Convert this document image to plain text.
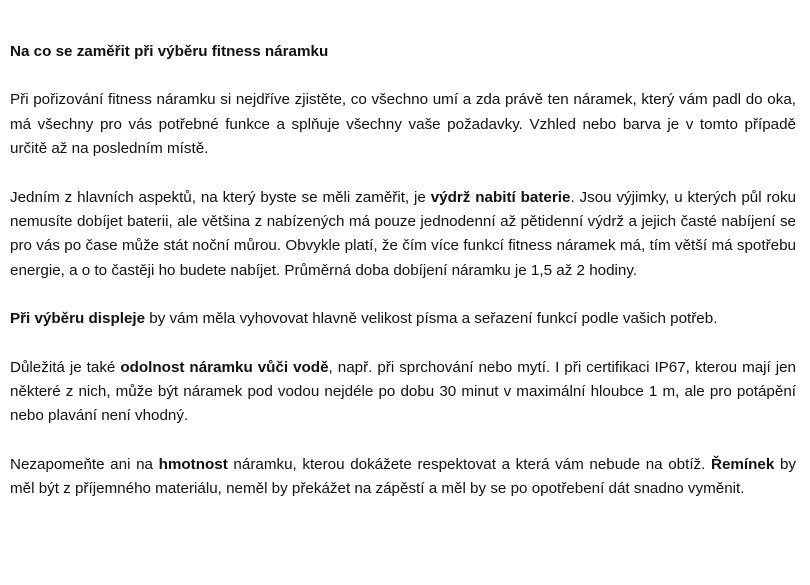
Na co se zaměřit při výběru fitness náramku

Při pořizování fitness náramku si nejdříve zjistěte, co všechno umí a zda právě ten náramek, který vám padl do oka, má všechny pro vás potřebné funkce a splňuje všechny vaše požadavky. Vzhled nebo barva je v tomto případě určitě až na posledním místě.

Jedním z hlavních aspektů, na který byste se měli zaměřit, je výdrž nabití baterie. Jsou výjimky, u kterých půl roku nemusíte dobíjet baterii, ale většina z nabízených má pouze jednodenní až pětidenní výdrž a jejich časté nabíjení se pro vás po čase může stát noční můrou. Obvykle platí, že čím více funkcí fitness náramek má, tím větší má spotřebu energie, a o to častěji ho budete nabíjet. Průměrná doba dobíjení náramku je 1,5 až 2 hodiny.

Při výběru displeje by vám měla vyhovovat hlavně velikost písma a seřazení funkcí podle vašich potřeb.

Důležitá je také odolnost náramku vůči vodě, např. při sprchování nebo mytí. I při certifikaci IP67, kterou mají jen některé z nich, může být náramek pod vodou nejdéle po dobu 30 minut v maximální hloubce 1 m, ale pro potápění nebo plavání není vhodný.

Nezapomeňte ani na hmotnost náramku, kterou dokážete respektovat a která vám nebude na obtíž. Řemínek by měl být z příjemného materiálu, neměl by překážet na zápěstí a měl by se po opotřebení dát snadno vyměnit.
